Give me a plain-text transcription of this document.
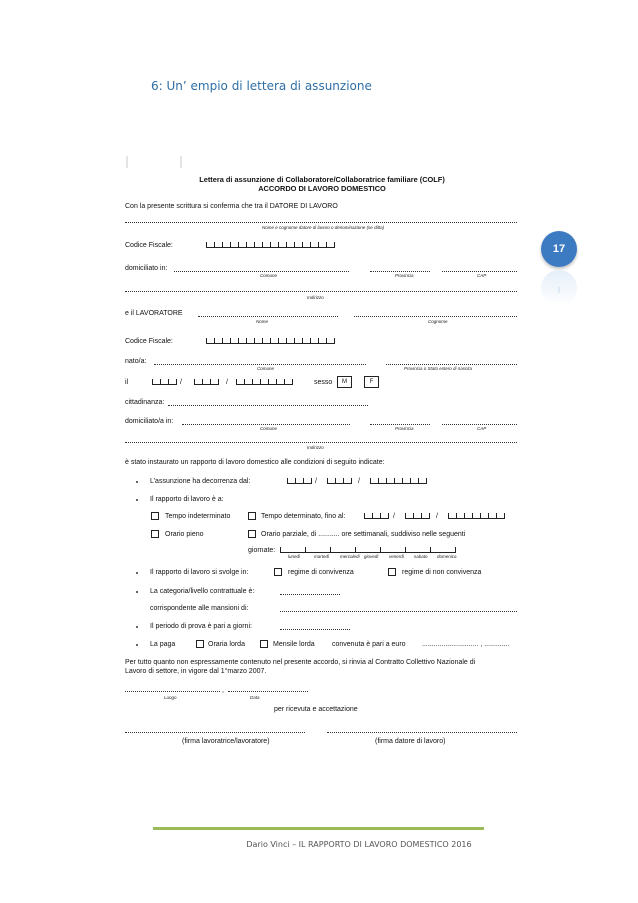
6: Un’ empio di lettera di assunzione
17
I
Lettera di assunzione di Collaboratore/Collaboratrice familiare (COLF)
ACCORDO DI LAVORO DOMESTICO
Con la presente scrittura si conferma che tra il DATORE DI LAVORO
Nome e cognome datore di lavoro o denominazione (se ditta)
Codice Fiscale:
domiciliato in:
Comune	Provincia	CAP
Indirizzo
e il LAVORATORE
Nome	Cognome
Codice Fiscale:
nato/a:
Comune	Provincia o Stato estero di nascita
il	/	/	sesso	M	F
cittadinanza:
domiciliato/a in:
Comune	Provincia	CAP
Indirizzo
è stato instaurato un rapporto di lavoro domestico alle condizioni di seguito indicate:
L’assunzione ha decorrenza dal:	/	/
Il rapporto di lavoro è a:
Tempo indeterminato	Tempo determinato, fino al:	/	/
Orario pieno	Orario parziale, di ........... ore settimanali, suddiviso nelle seguenti
giornate:
lunedì	martedì mercoledì giovedì venerdì sabato domenica
Il rapporto di lavoro si svolge in:	regime di convivenza	regime di non convivenza
La categoria/livello contrattuale è:
corrispondente alle mansioni di:
Il periodo di prova è pari a giorni:
La paga	Oraria lorda	Mensile lorda convenuta è pari a euro ............................. , .............
Per tutto quanto non espressamente contenuto nel presente accordo, si rinvia al Contratto Collettivo Nazionale di
Lavoro di settore, in vigore dal 1°marzo 2007.
,
Luogo	Data
per ricevuta e accettazione
(firma lavoratrice/lavoratore)	(firma datore di lavoro)
Dario Vinci – IL RAPPORTO DI LAVORO DOMESTICO 2016
